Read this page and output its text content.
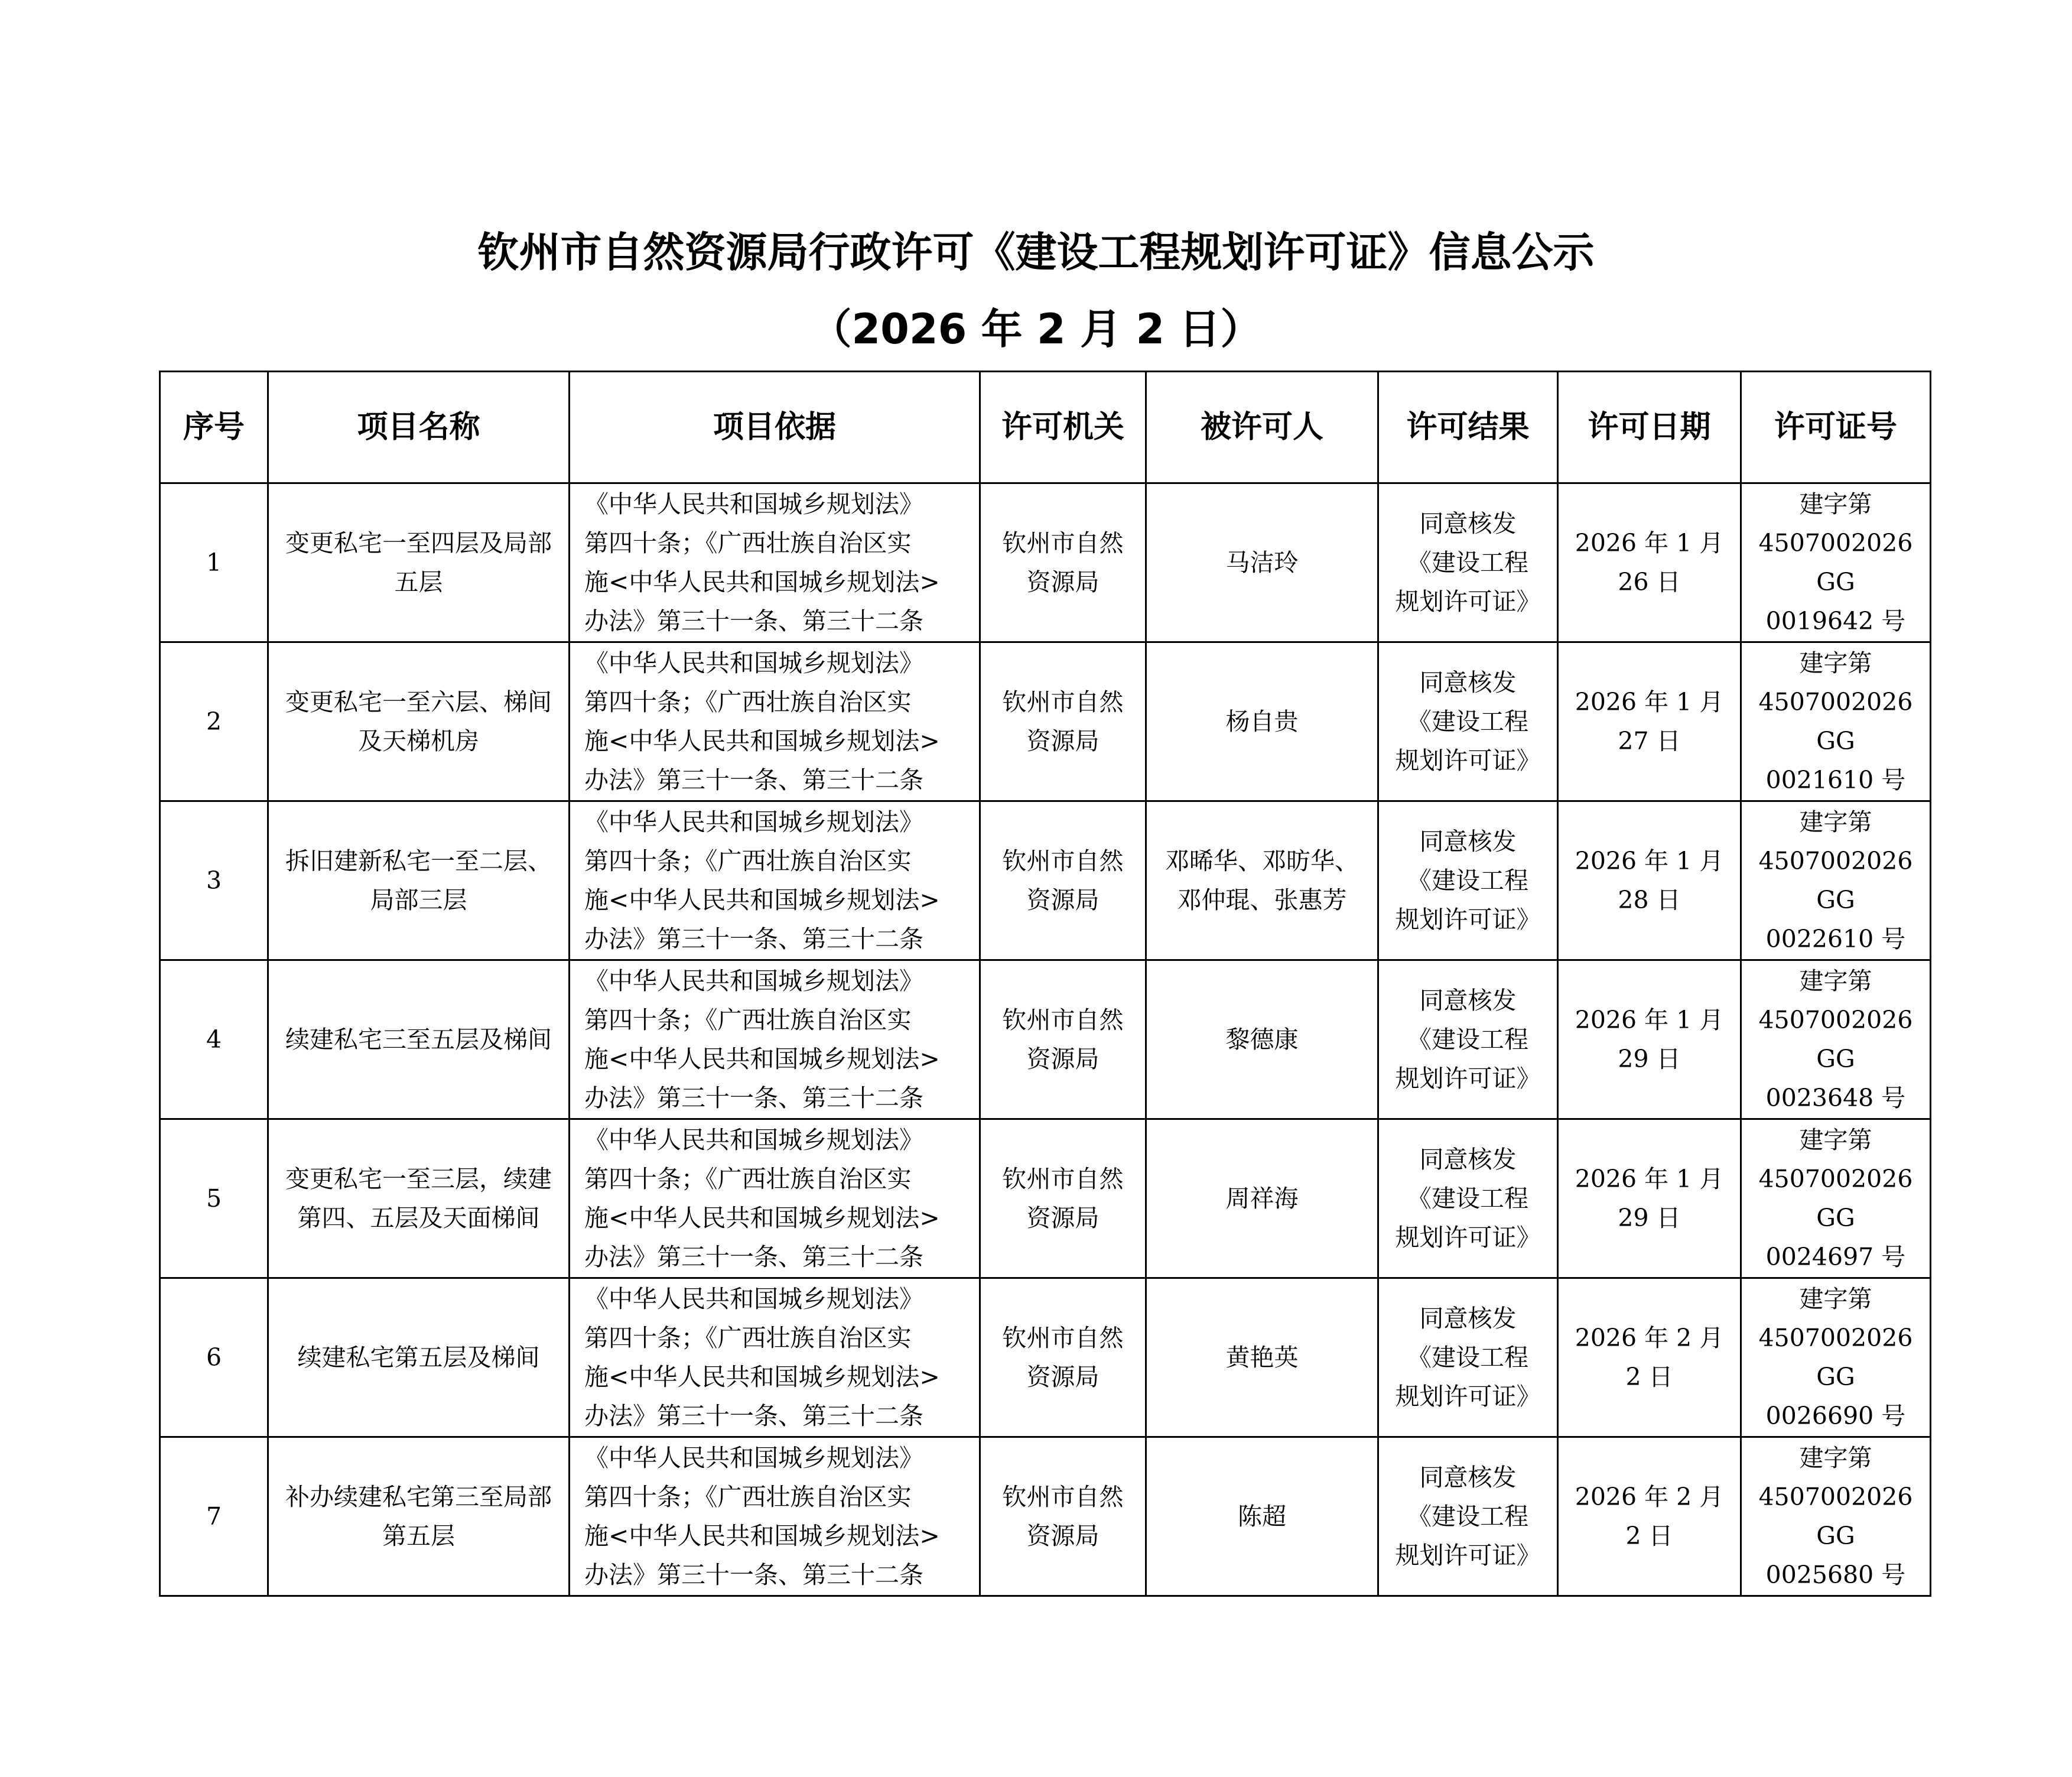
钦州市自然资源局行政许可《建设工程规划许可证》信息公示
（2026 年 2 月 2 日）
序号	项目名称	项目依据	许可机关	被许可人	许可结果	许可日期	许可证号
1	变更私宅一至四层及局部五层	《中华人民共和国城乡规划法》
第四十条；《广西壮族自治区实
施<中华人民共和国城乡规划法>
办法》第三十一条、第三十二条	钦州市自然资源局	马洁玲	同意核发
《建设工程
规划许可证》	2026 年 1 月 26 日	建字第
4507002026GG
0019642 号

2	变更私宅一至六层、梯间及天梯机房	《中华人民共和国城乡规划法》
第四十条；《广西壮族自治区实
施<中华人民共和国城乡规划法>
办法》第三十一条、第三十二条	钦州市自然资源局	杨自贵	同意核发
《建设工程
规划许可证》	2026 年 1 月 27 日	建字第
4507002026GG
0021610 号

3	拆旧建新私宅一至二层、局部三层	《中华人民共和国城乡规划法》
第四十条；《广西壮族自治区实
施<中华人民共和国城乡规划法>
办法》第三十一条、第三十二条	钦州市自然资源局	邓晞华、邓昉华、邓仲琨、张惠芳	同意核发
《建设工程
规划许可证》	2026 年 1 月 28 日	建字第
4507002026GG
0022610 号

4	续建私宅三至五层及梯间	《中华人民共和国城乡规划法》
第四十条；《广西壮族自治区实
施<中华人民共和国城乡规划法>
办法》第三十一条、第三十二条	钦州市自然资源局	黎德康	同意核发
《建设工程
规划许可证》	2026 年 1 月 29 日	建字第
4507002026GG
0023648 号

5	变更私宅一至三层，续建第四、五层及天面梯间	《中华人民共和国城乡规划法》
第四十条；《广西壮族自治区实
施<中华人民共和国城乡规划法>
办法》第三十一条、第三十二条	钦州市自然资源局	周祥海	同意核发
《建设工程
规划许可证》	2026 年 1 月 29 日	建字第
4507002026GG
0024697 号

6	续建私宅第五层及梯间	《中华人民共和国城乡规划法》
第四十条；《广西壮族自治区实
施<中华人民共和国城乡规划法>
办法》第三十一条、第三十二条	钦州市自然资源局	黄艳英	同意核发
《建设工程
规划许可证》	2026 年 2 月 2 日	建字第
4507002026GG
0026690 号

7	补办续建私宅第三至局部第五层	《中华人民共和国城乡规划法》
第四十条；《广西壮族自治区实
施<中华人民共和国城乡规划法>
办法》第三十一条、第三十二条	钦州市自然资源局	陈超	同意核发
《建设工程
规划许可证》	2026 年 2 月 2 日	建字第
4507002026GG
0025680 号
